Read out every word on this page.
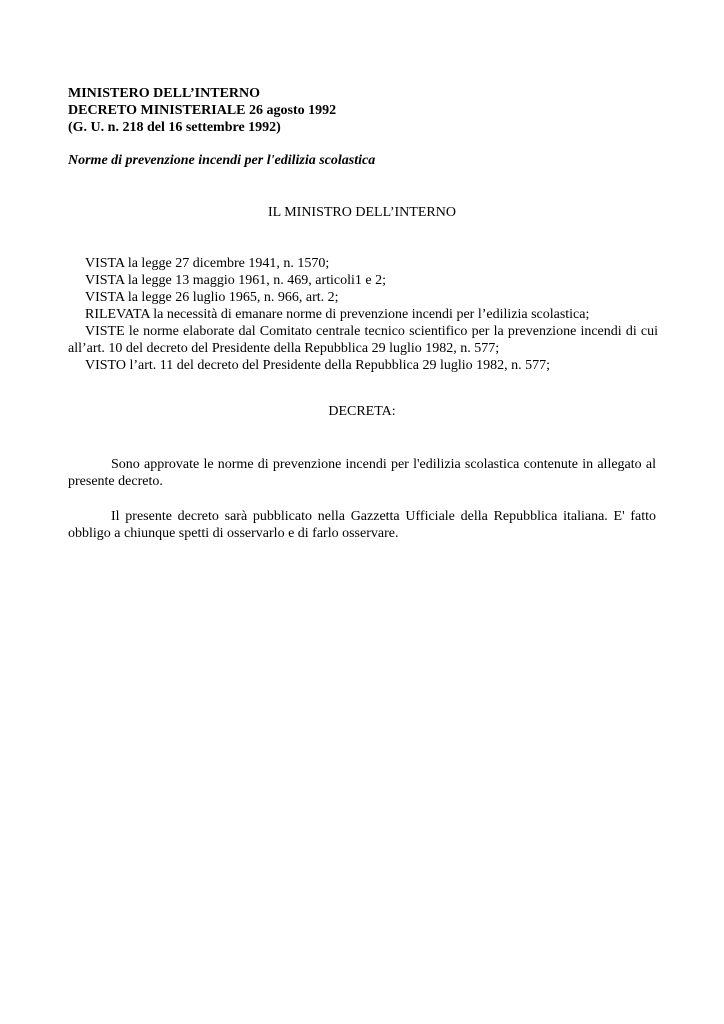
MINISTERO DELL’INTERNO
DECRETO MINISTERIALE 26 agosto 1992
(G. U. n. 218 del 16 settembre 1992)
Norme di prevenzione incendi per l'edilizia scolastica
IL MINISTRO DELL’INTERNO

VISTA la legge 27 dicembre 1941, n. 1570;

VISTA la legge 13 maggio 1961, n. 469, articoli1 e 2;

VISTA la legge 26 luglio 1965, n. 966, art. 2;

RILEVATA la necessità di emanare norme di prevenzione incendi per l’edilizia scolastica;

VISTE le norme elaborate dal Comitato centrale tecnico scientifico per la prevenzione incendi di cui all’art. 10 del decreto del Presidente della Repubblica 29 luglio 1982, n. 577;

VISTO l’art. 11 del decreto del Presidente della Repubblica 29 luglio 1982, n. 577;

DECRETA:

Sono approvate le norme di prevenzione incendi per l'edilizia scolastica contenute in allegato al presente decreto.

Il presente decreto sarà pubblicato nella Gazzetta Ufficiale della Repubblica italiana. E' fatto obbligo a chiunque spetti di osservarlo e di farlo osservare.
